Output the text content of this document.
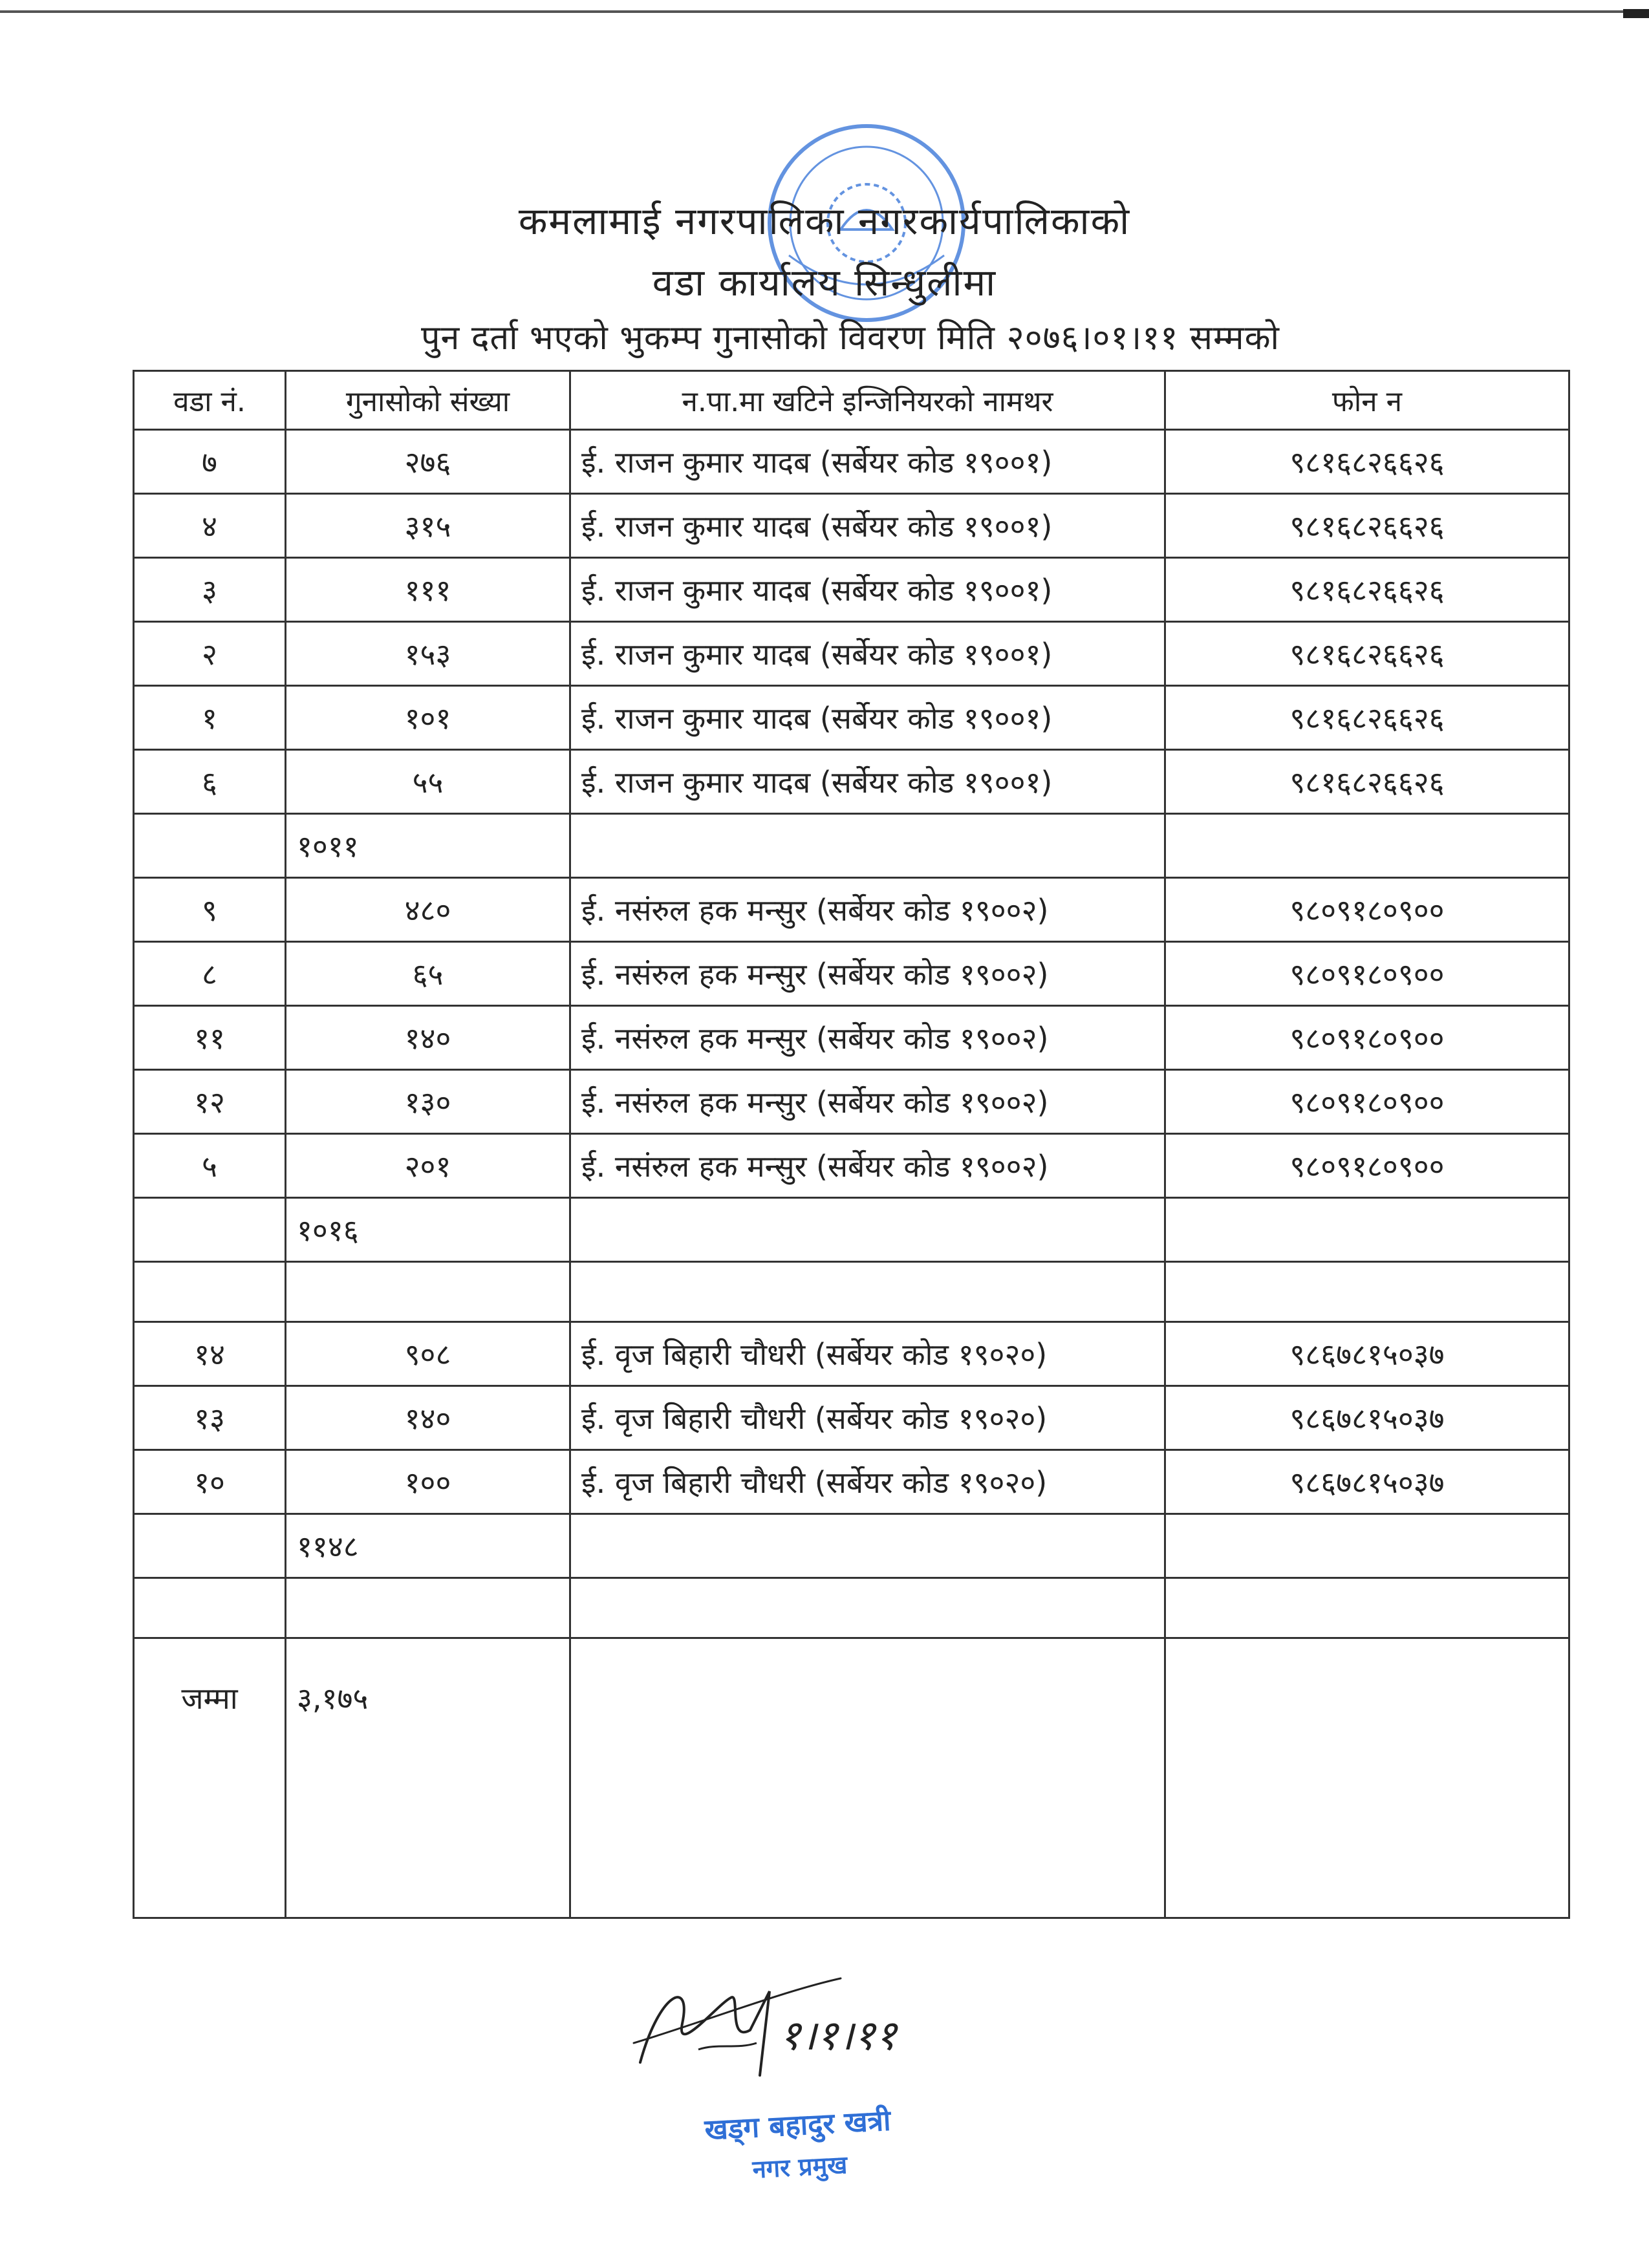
कमलामाई नगरपालिका नगरकार्यपालिकाको
वडा कार्यालय सिन्धुलीमा
पुन दर्ता भएको भुकम्प गुनासोको विवरण मिति २०७६।०१।११ सम्मको
वडा नं.	गुनासोको संख्या	न.पा.मा खटिने इन्जिनियरको नामथर	फोन न
७	२७६	ई. राजन कुमार यादब (सर्बेयर कोड १९००१)	९८१६८२६६२६
४	३१५	ई. राजन कुमार यादब (सर्बेयर कोड १९००१)	९८१६८२६६२६
३	१११	ई. राजन कुमार यादब (सर्बेयर कोड १९००१)	९८१६८२६६२६
२	१५३	ई. राजन कुमार यादब (सर्बेयर कोड १९००१)	९८१६८२६६२६
१	१०१	ई. राजन कुमार यादब (सर्बेयर कोड १९००१)	९८१६८२६६२६
६	५५	ई. राजन कुमार यादब (सर्बेयर कोड १९००१)	९८१६८२६६२६
	१०११		
९	४८०	ई. नसंरुल हक मन्सुर (सर्बेयर कोड १९००२)	९८०९१८०९००
८	६५	ई. नसंरुल हक मन्सुर (सर्बेयर कोड १९००२)	९८०९१८०९००
११	१४०	ई. नसंरुल हक मन्सुर (सर्बेयर कोड १९००२)	९८०९१८०९००
१२	१३०	ई. नसंरुल हक मन्सुर (सर्बेयर कोड १९००२)	९८०९१८०९००
५	२०१	ई. नसंरुल हक मन्सुर (सर्बेयर कोड १९००२)	९८०९१८०९००
	१०१६		

१४	९०८	ई. वृज बिहारी चौधरी (सर्बेयर कोड १९०२०)	९८६७८१५०३७
१३	१४०	ई. वृज बिहारी चौधरी (सर्बेयर कोड १९०२०)	९८६७८१५०३७
१०	१००	ई. वृज बिहारी चौधरी (सर्बेयर कोड १९०२०)	९८६७८१५०३७
	११४८		

जम्मा	३,१७५		
१।१।११
खड्ग बहादुर खत्री
नगर प्रमुख
